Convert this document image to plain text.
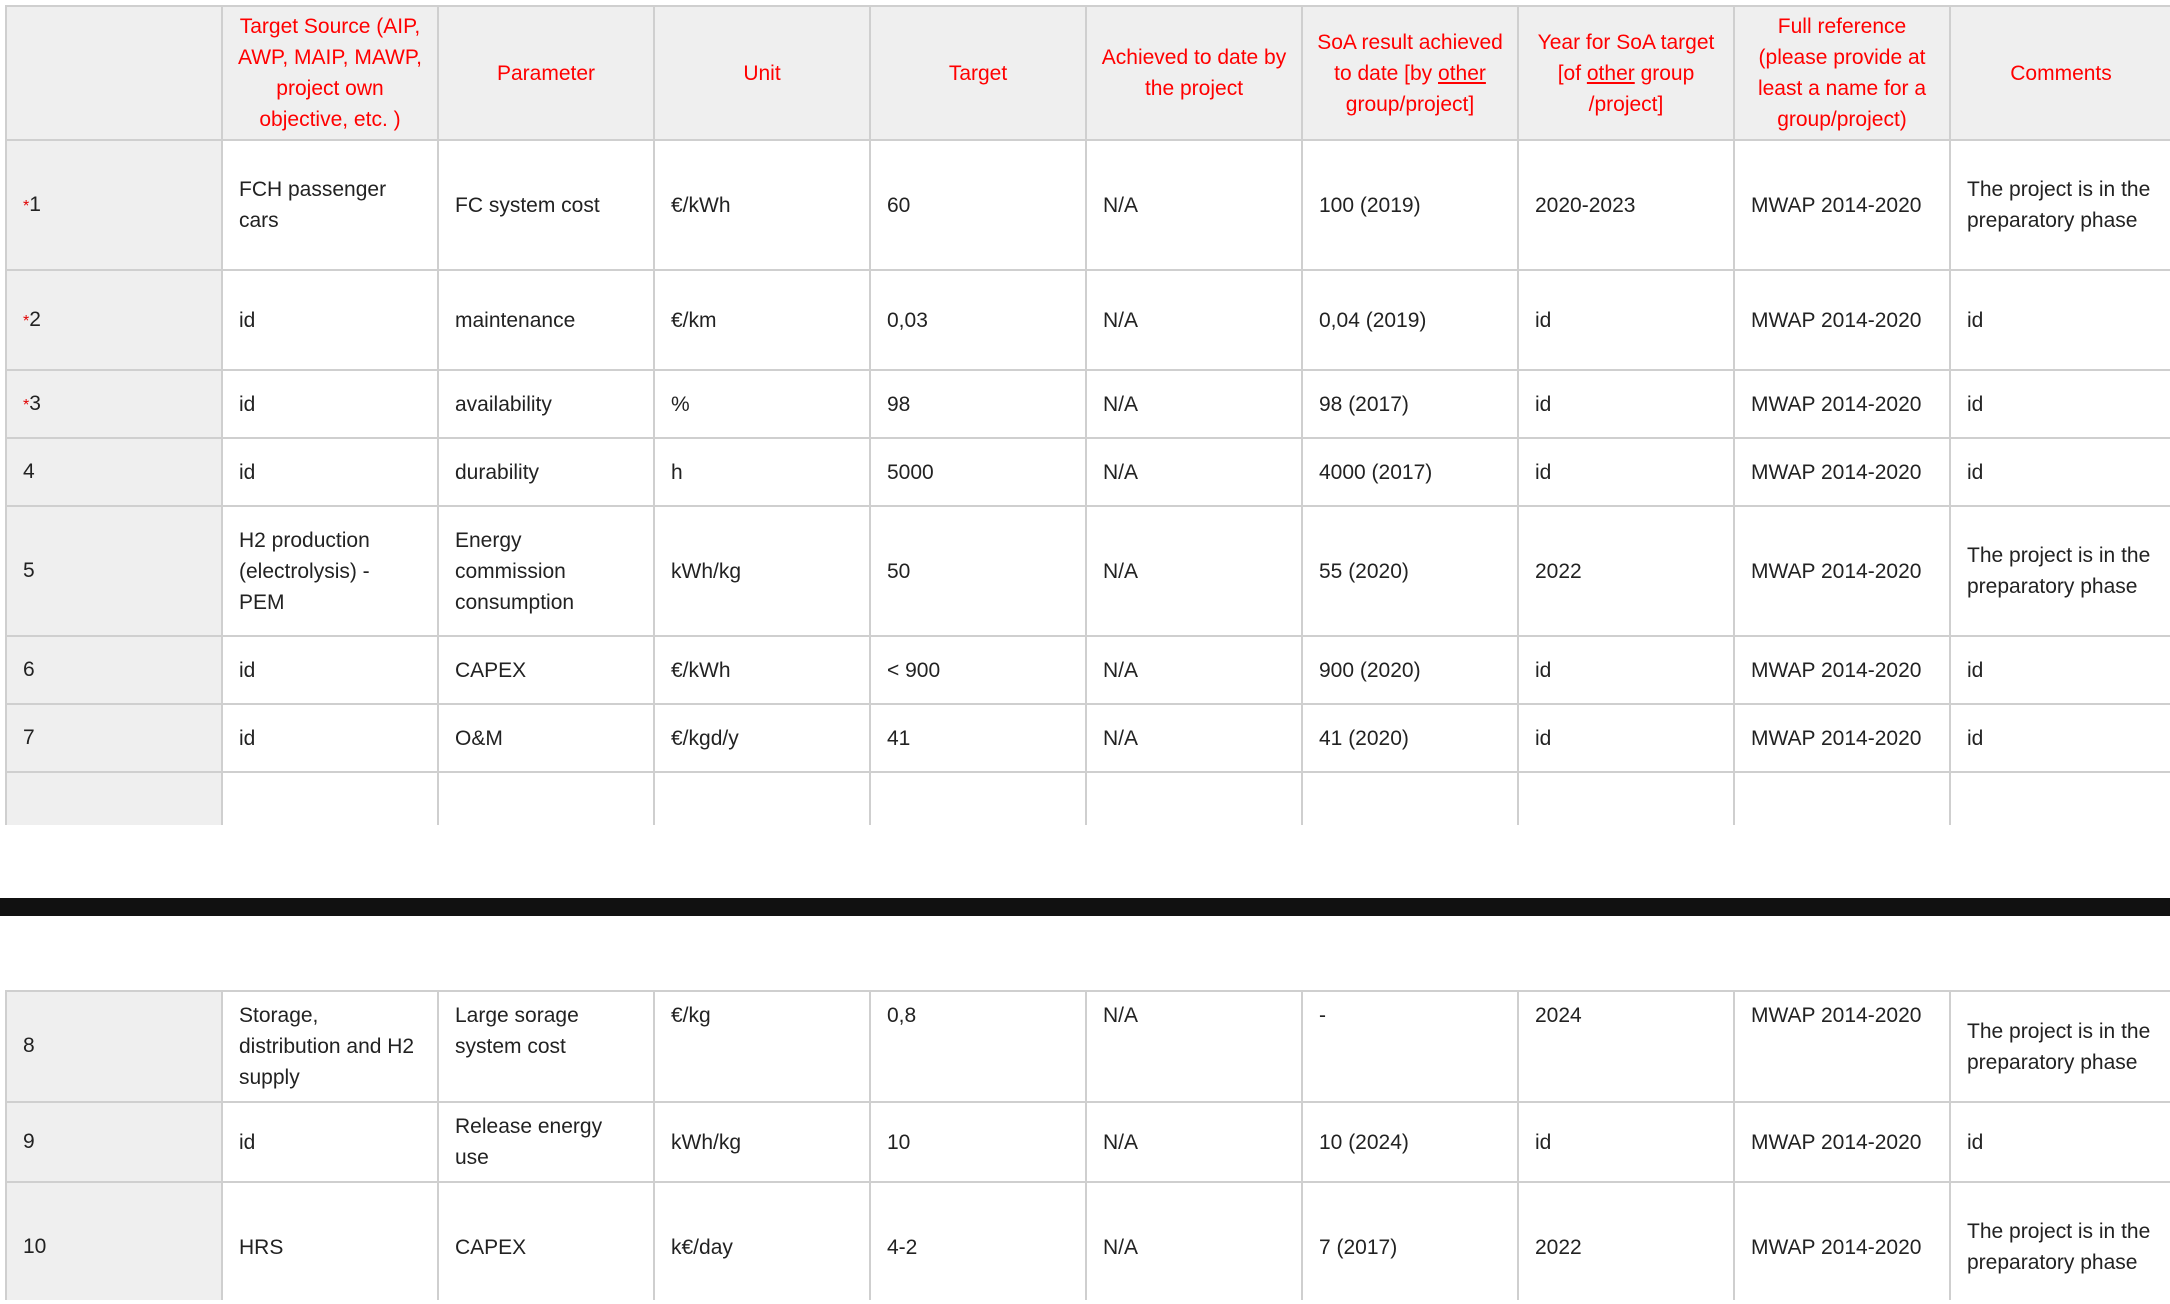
	Target Source (AIP, AWP, MAIP, MAWP, project own objective, etc. )	Parameter	Unit	Target	Achieved to date by the project	SoA result achieved to date [by other group/project]	Year for SoA target [of other group /project]	Full reference (please provide at least a name for a group/project)	Comments
*1	FCH passenger cars	FC system cost	€/kWh	60	N/A	100 (2019)	2020-2023	MWAP 2014-2020	The project is in the preparatory phase
*2	id	maintenance	€/km	0,03	N/A	0,04 (2019)	id	MWAP 2014-2020	id
*3	id	availability	%	98	N/A	98 (2017)	id	MWAP 2014-2020	id
4	id	durability	h	5000	N/A	4000 (2017)	id	MWAP 2014-2020	id
5	H2 production (electrolysis) - PEM	Energy commission consumption	kWh/kg	50	N/A	55 (2020)	2022	MWAP 2014-2020	The project is in the preparatory phase
6	id	CAPEX	€/kWh	< 900	N/A	900 (2020)	id	MWAP 2014-2020	id
7	id	O&M	€/kgd/y	41	N/A	41 (2020)	id	MWAP 2014-2020	id

8	Storage, distribution and H2 supply	Large sorage system cost	€/kg	0,8	N/A	-	2024	MWAP 2014-2020	The project is in the preparatory phase
9	id	Release energy use	kWh/kg	10	N/A	10 (2024)	id	MWAP 2014-2020	id
10	HRS	CAPEX	k€/day	4-2	N/A	7 (2017)	2022	MWAP 2014-2020	The project is in the preparatory phase
